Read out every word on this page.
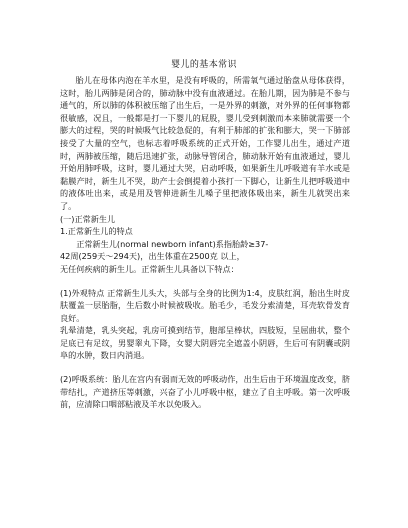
婴儿的基本常识

胎儿在母体内泡在羊水里，是没有呼吸的，所需氧气通过胎盘从母体获得，这时，胎儿两肺是闭合的，肺动脉中没有血液通过。在胎儿期，因为肺是不参与通气的，所以肺的体积被压缩了出生后，一是外界的刺激，对外界的任何事物都很敏感，况且，一般都是打一下婴儿的屁股，婴儿受到刺激而本来肺就需要一个膨大的过程，哭的时候吸气比较急促的，有利于肺部的扩张和膨大，哭一下肺部接受了大量的空气，也标志着呼吸系统的正式开始，工作婴儿出生，通过产道时，两肺被压缩，随后迅速扩张，动脉导管闭合，肺动脉开始有血液通过，婴儿开始用肺呼吸，这时，婴儿通过大哭，启动呼吸，如果新生儿呼吸道有羊水或是黏膜产时，新生儿不哭，助产士会倒提着小孩打一下脚心，让新生儿把呼吸道中的液体吐出来，或是用及管伸进新生儿嗓子里把液体吸出来，新生儿就哭出来了。

(一)正常新生儿
1.正常新生儿的特点
正常新生儿(normal newborn infant)系指胎龄≥37-
42周(259天～294天)，出生体重在2500克 以上，
无任何疾病的新生儿。正常新生儿具备以下特点：

(1)外观特点 正常新生儿头大，头部与全身的比例为1:4，皮肤红润，胎出生时皮肤覆盖一层胎脂，生后数小时候被吸收。胎毛少，毛发分索清楚，耳壳软骨发育良好。

乳晕清楚，乳头突起，乳房可摸到结节，胞部呈棒状，四肢短，呈屈曲状，整个足底已有足纹，男婴睾丸下降，女婴大阴唇完全遮盖小阴唇，生后可有阴囊或阴阜的水肿，数日内消退。

(2)呼吸系统：胎儿在宫内有弱而无效的呼吸动作，出生后由于环境温度改变，脐带结扎，产道挤压等刺激，兴奋了小儿呼吸中枢，建立了自主呼吸。第一次呼吸前，应清除口咽部粘液及羊水以免吸入。
